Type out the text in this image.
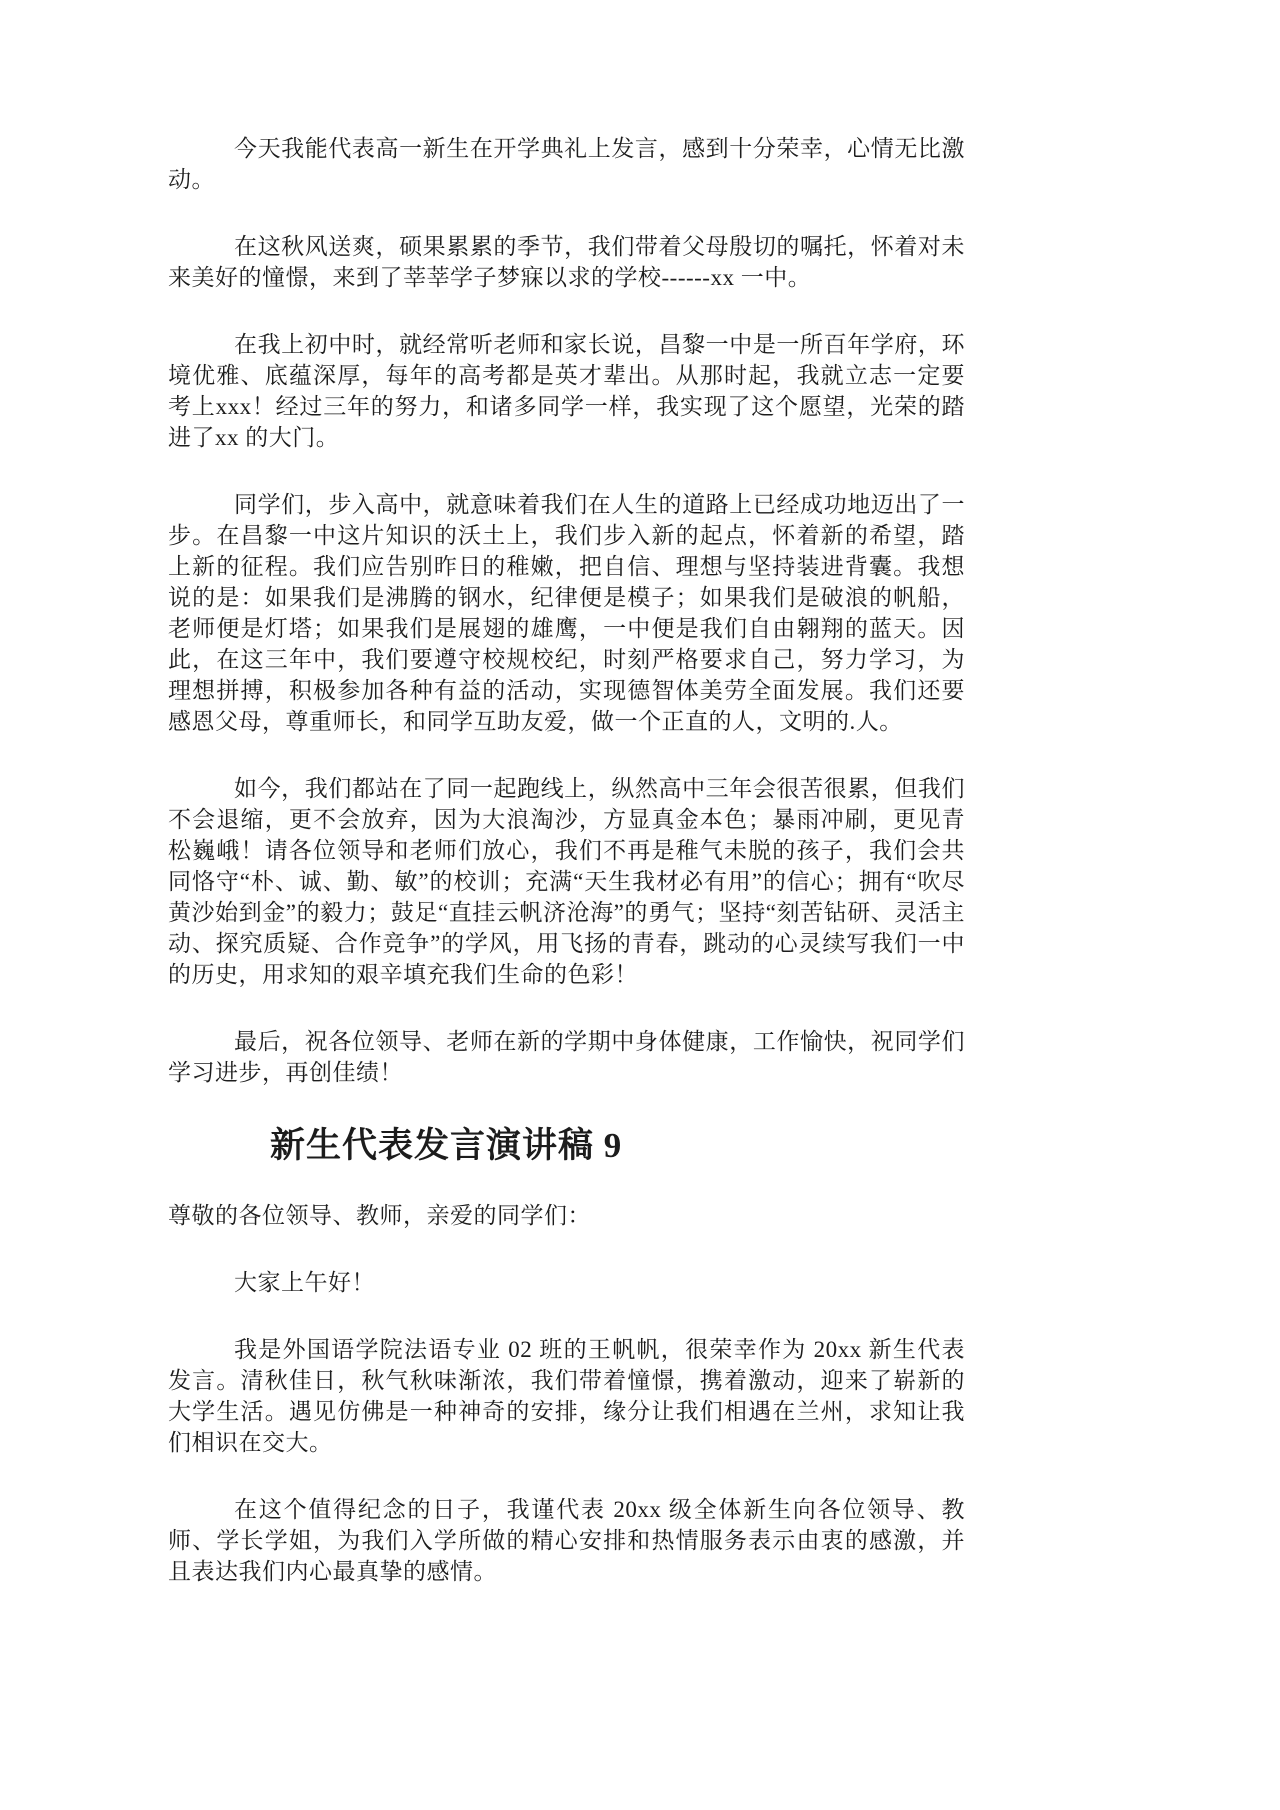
今天我能代表高一新生在开学典礼上发言，感到十分荣幸，心情无比激动。

在这秋风送爽，硕果累累的季节，我们带着父母殷切的嘱托，怀着对未来美好的憧憬，来到了莘莘学子梦寐以求的学校------xx 一中。

在我上初中时，就经常听老师和家长说，昌黎一中是一所百年学府，环境优雅、底蕴深厚，每年的高考都是英才辈出。从那时起，我就立志一定要考上xxx！经过三年的努力，和诸多同学一样，我实现了这个愿望，光荣的踏进了xx 的大门。

同学们，步入高中，就意味着我们在人生的道路上已经成功地迈出了一步。在昌黎一中这片知识的沃土上，我们步入新的起点，怀着新的希望，踏上新的征程。我们应告别昨日的稚嫩，把自信、理想与坚持装进背囊。我想说的是：如果我们是沸腾的钢水，纪律便是模子；如果我们是破浪的帆船，老师便是灯塔；如果我们是展翅的雄鹰，一中便是我们自由翱翔的蓝天。因此，在这三年中，我们要遵守校规校纪，时刻严格要求自己，努力学习，为理想拼搏，积极参加各种有益的活动，实现德智体美劳全面发展。我们还要感恩父母，尊重师长，和同学互助友爱，做一个正直的人，文明的.人。

如今，我们都站在了同一起跑线上，纵然高中三年会很苦很累，但我们不会退缩，更不会放弃，因为大浪淘沙，方显真金本色；暴雨冲刷，更见青松巍峨！请各位领导和老师们放心，我们不再是稚气未脱的孩子，我们会共同恪守“朴、诚、勤、敏”的校训；充满“天生我材必有用”的信心；拥有“吹尽黄沙始到金”的毅力；鼓足“直挂云帆济沧海”的勇气；坚持“刻苦钻研、灵活主动、探究质疑、合作竞争”的学风，用飞扬的青春，跳动的心灵续写我们一中的历史，用求知的艰辛填充我们生命的色彩！

最后，祝各位领导、老师在新的学期中身体健康，工作愉快，祝同学们学习进步，再创佳绩！

新生代表发言演讲稿 9

尊敬的各位领导、教师，亲爱的同学们：

大家上午好！

我是外国语学院法语专业 02 班的王帆帆，很荣幸作为 20xx 新生代表发言。清秋佳日，秋气秋味渐浓，我们带着憧憬，携着激动，迎来了崭新的大学生活。遇见仿佛是一种神奇的安排，缘分让我们相遇在兰州，求知让我们相识在交大。

在这个值得纪念的日子，我谨代表 20xx 级全体新生向各位领导、教师、学长学姐，为我们入学所做的精心安排和热情服务表示由衷的感激，并且表达我们内心最真挚的感情。
